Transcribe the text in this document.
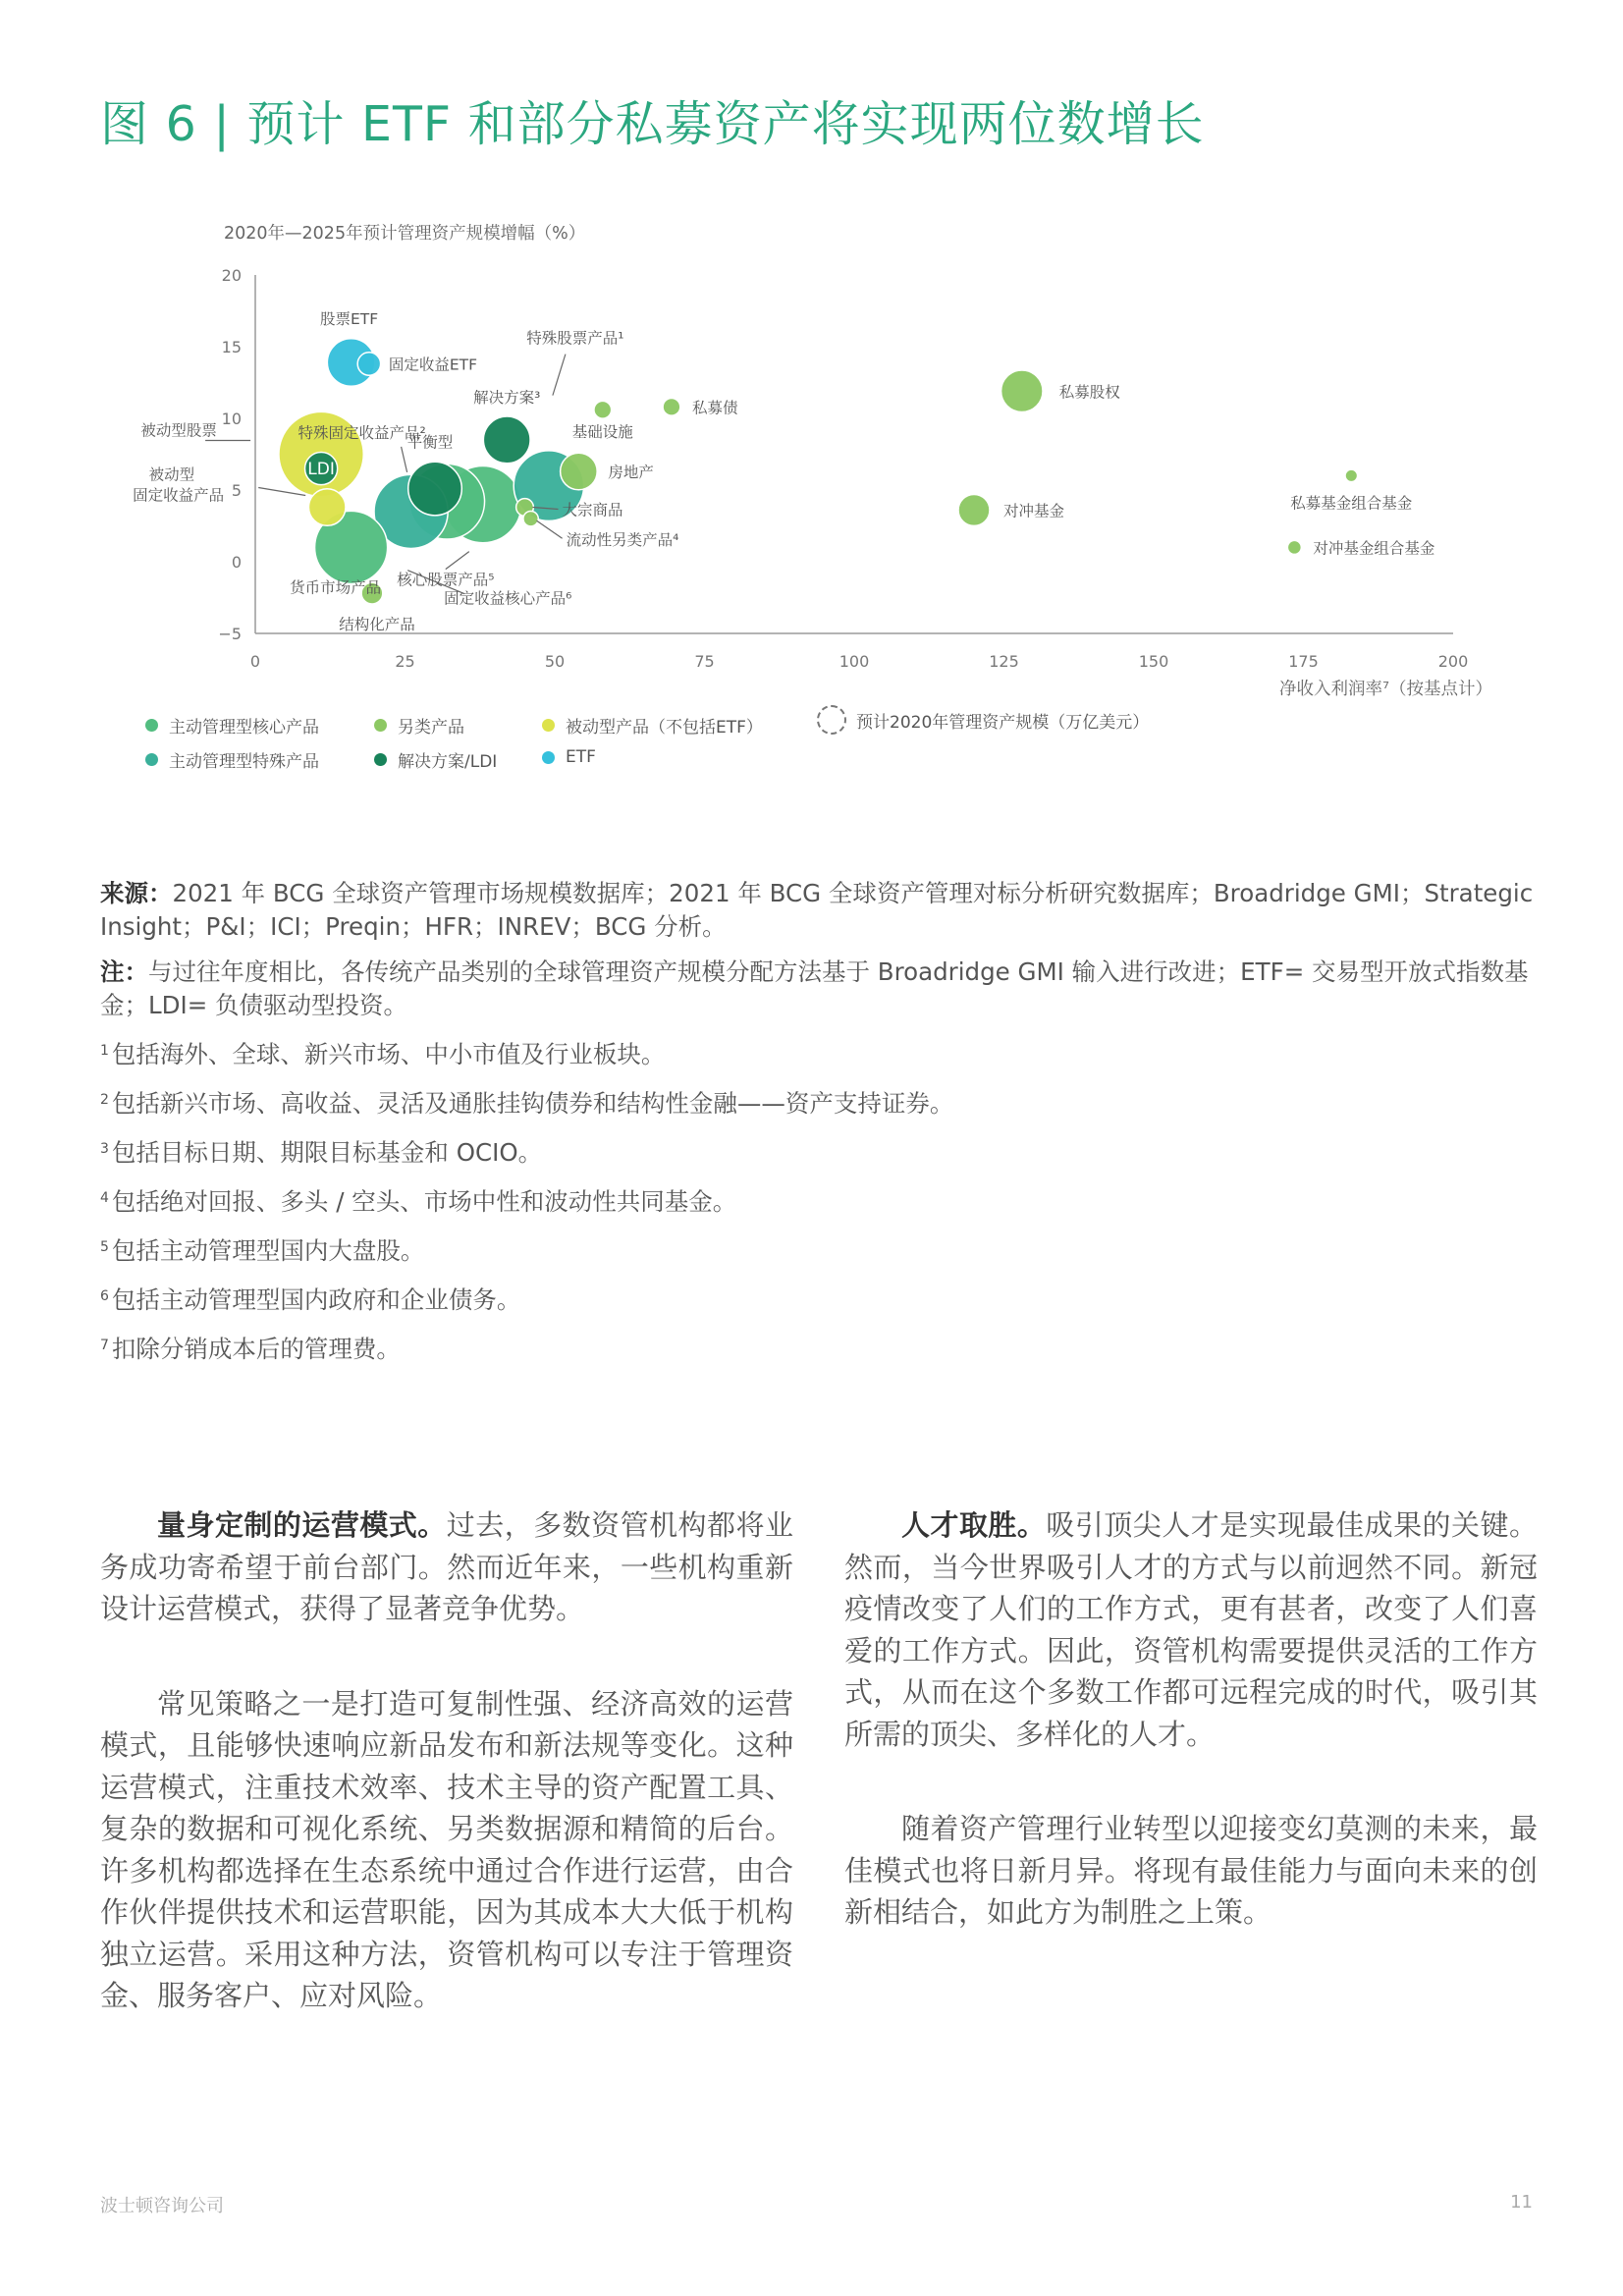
图 6 | 预计 ETF 和部分私募资产将实现两位数增长
2020年—2025年预计管理资产规模增幅（%）
净收入利润率⁷（按基点计）
20
15
10
5
0
−5
0	25	50	75	100	125	150	175	200
货币市场产品
被动型股票
核心股票产品⁵
固定收益核心产品⁶
特殊固定收益产品²
特殊股票产品¹
被动型固定收益产品
LDI
平衡型
解决方案³
股票ETF
固定收益ETF
基础设施
私募债
房地产
大宗商品
流动性另类产品⁴
结构化产品
私募股权
对冲基金	私募基金组合基金
对冲基金组合基金
主动管理型核心产品	另类产品	被动型产品（不包括ETF）	预计2020年管理资产规模（万亿美元）
主动管理型特殊产品	解决方案/LDI	ETF

来源：2021 年 BCG 全球资产管理市场规模数据库；2021 年 BCG 全球资产管理对标分析研究数据库；Broadridge GMI；Strategic Insight；P&I；ICI；Preqin；HFR；INREV；BCG 分析。

注：与过往年度相比，各传统产品类别的全球管理资产规模分配方法基于 Broadridge GMI 输入进行改进；ETF= 交易型开放式指数基金；LDI= 负债驱动型投资。

$^1$ 包括海外、全球、新兴市场、中小市值及行业板块。

$^2$ 包括新兴市场、高收益、灵活及通胀挂钩债券和结构性金融——资产支持证券。

$^3$ 包括目标日期、期限目标基金和 OCIO。

$^4$ 包括绝对回报、多头 / 空头、市场中性和波动性共同基金。

$^5$ 包括主动管理型国内大盘股。

$^6$ 包括主动管理型国内政府和企业债务。

$^7$ 扣除分销成本后的管理费。

量身定制的运营模式。过去，多数资管机构都将业务成功寄希望于前台部门。然而近年来，一些机构重新设计运营模式，获得了显著竞争优势。

常见策略之一是打造可复制性强、经济高效的运营模式，且能够快速响应新品发布和新法规等变化。这种运营模式，注重技术效率、技术主导的资产配置工具、复杂的数据和可视化系统、另类数据源和精简的后台。许多机构都选择在生态系统中通过合作进行运营，由合作伙伴提供技术和运营职能，因为其成本大大低于机构独立运营。采用这种方法，资管机构可以专注于管理资金、服务客户、应对风险。

人才取胜。吸引顶尖人才是实现最佳成果的关键。然而，当今世界吸引人才的方式与以前迥然不同。新冠疫情改变了人们的工作方式，更有甚者，改变了人们喜爱的工作方式。因此，资管机构需要提供灵活的工作方式，从而在这个多数工作都可远程完成的时代，吸引其所需的顶尖、多样化的人才。

随着资产管理行业转型以迎接变幻莫测的未来，最佳模式也将日新月异。将现有最佳能力与面向未来的创新相结合，如此方为制胜之上策。

波士顿咨询公司	11
